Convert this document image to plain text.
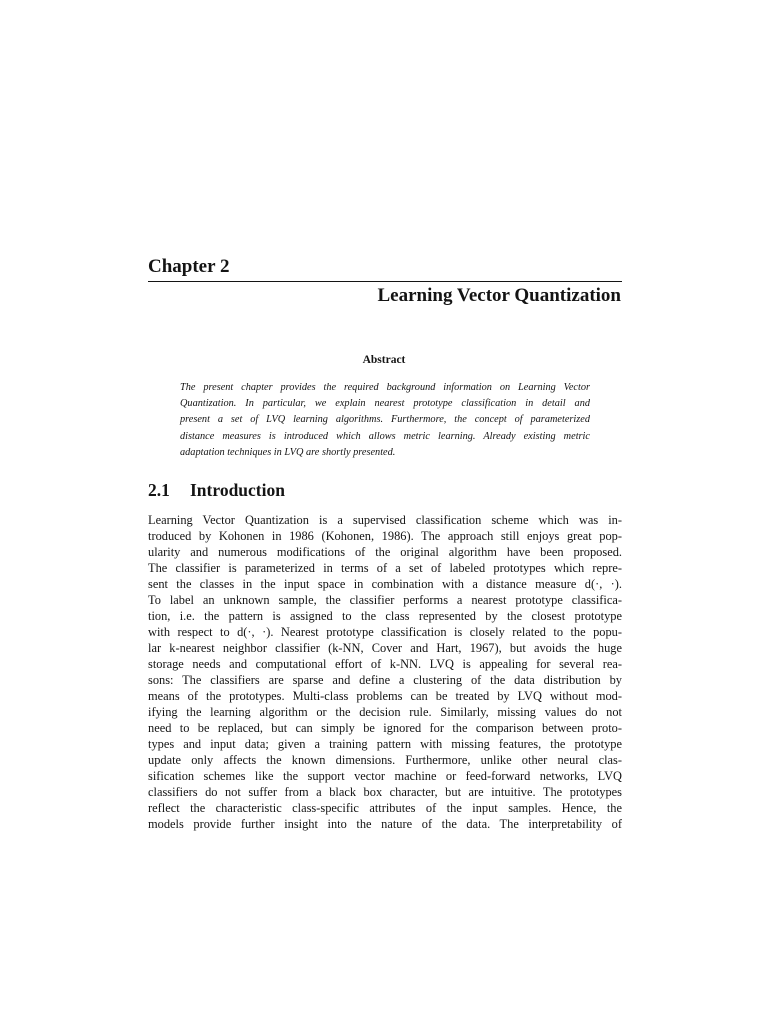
Chapter 2
Learning Vector Quantization
Abstract
The present chapter provides the required background information on Learning Vector
Quantization. In particular, we explain nearest prototype classification in detail and
present a set of LVQ learning algorithms. Furthermore, the concept of parameterized
distance measures is introduced which allows metric learning. Already existing metric
adaptation techniques in LVQ are shortly presented.
2.1 Introduction
Learning Vector Quantization is a supervised classification scheme which was in-
troduced by Kohonen in 1986 (Kohonen, 1986). The approach still enjoys great pop-
ularity and numerous modifications of the original algorithm have been proposed.
The classifier is parameterized in terms of a set of labeled prototypes which repre-
sent the classes in the input space in combination with a distance measure d(·, ·).
To label an unknown sample, the classifier performs a nearest prototype classifica-
tion, i.e. the pattern is assigned to the class represented by the closest prototype
with respect to d(·, ·). Nearest prototype classification is closely related to the popu-
lar k-nearest neighbor classifier (k-NN, Cover and Hart, 1967), but avoids the huge
storage needs and computational effort of k-NN. LVQ is appealing for several rea-
sons: The classifiers are sparse and define a clustering of the data distribution by
means of the prototypes. Multi-class problems can be treated by LVQ without mod-
ifying the learning algorithm or the decision rule. Similarly, missing values do not
need to be replaced, but can simply be ignored for the comparison between proto-
types and input data; given a training pattern with missing features, the prototype
update only affects the known dimensions. Furthermore, unlike other neural clas-
sification schemes like the support vector machine or feed-forward networks, LVQ
classifiers do not suffer from a black box character, but are intuitive. The prototypes
reflect the characteristic class-specific attributes of the input samples. Hence, the
models provide further insight into the nature of the data. The interpretability of
